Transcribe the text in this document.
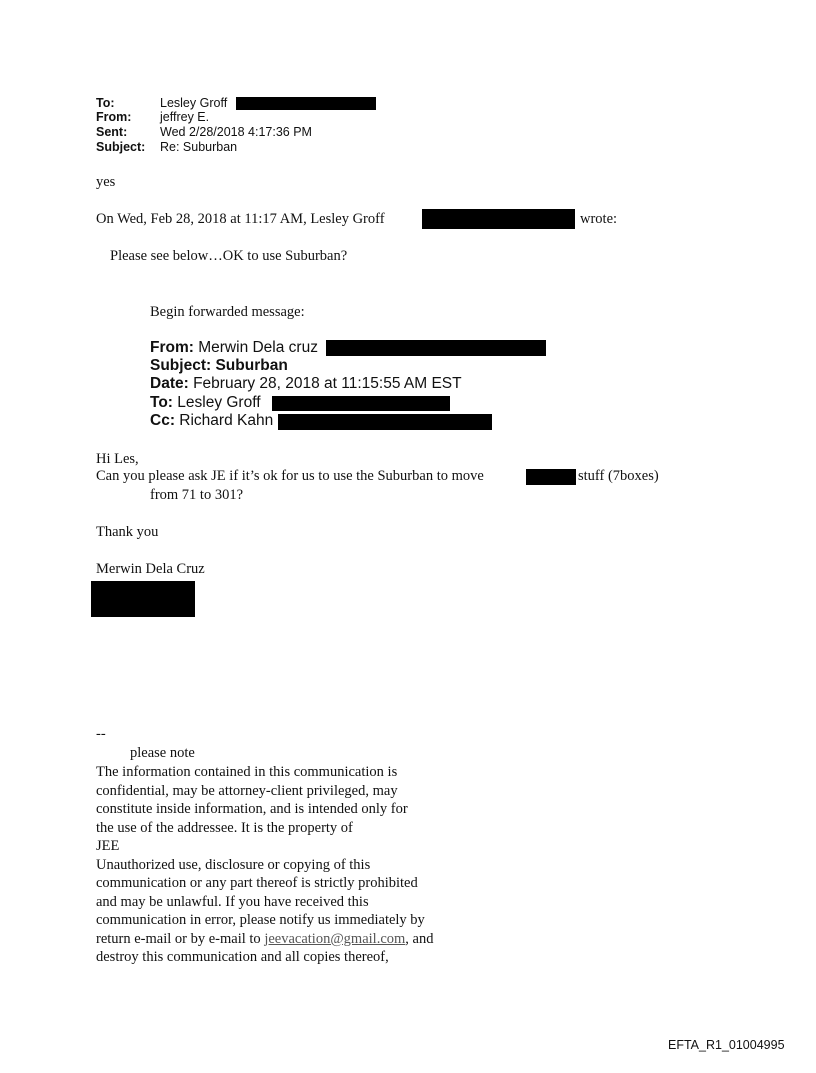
To:	Lesley Groff
From: jeffrey E.
Sent:	Wed 2/28/2018 4:17:36 PM
Subject: Re: Suburban
yes
On Wed, Feb 28, 2018 at 11:17 AM, Lesley Groff	wrote:
Please see below…OK to use Suburban?
Begin forwarded message:
From: Merwin Dela cruz
Subject: Suburban
Date: February 28, 2018 at 11:15:55 AM EST
To: Lesley Groff
Cc: Richard Kahn
Hi Les,
Can you please ask JE if it’s ok for us to use the Suburban to move	stuff (7boxes)
from 71 to 301?
Thank you
Merwin Dela Cruz
--
please note
The information contained in this communication is
confidential, may be attorney-client privileged, may
constitute inside information, and is intended only for
the use of the addressee. It is the property of
JEE
Unauthorized use, disclosure or copying of this
communication or any part thereof is strictly prohibited
and may be unlawful. If you have received this
communication in error, please notify us immediately by
return e-mail or by e-mail to jeevacation@gmail.com, and
destroy this communication and all copies thereof,
EFTA_R1_01004995
